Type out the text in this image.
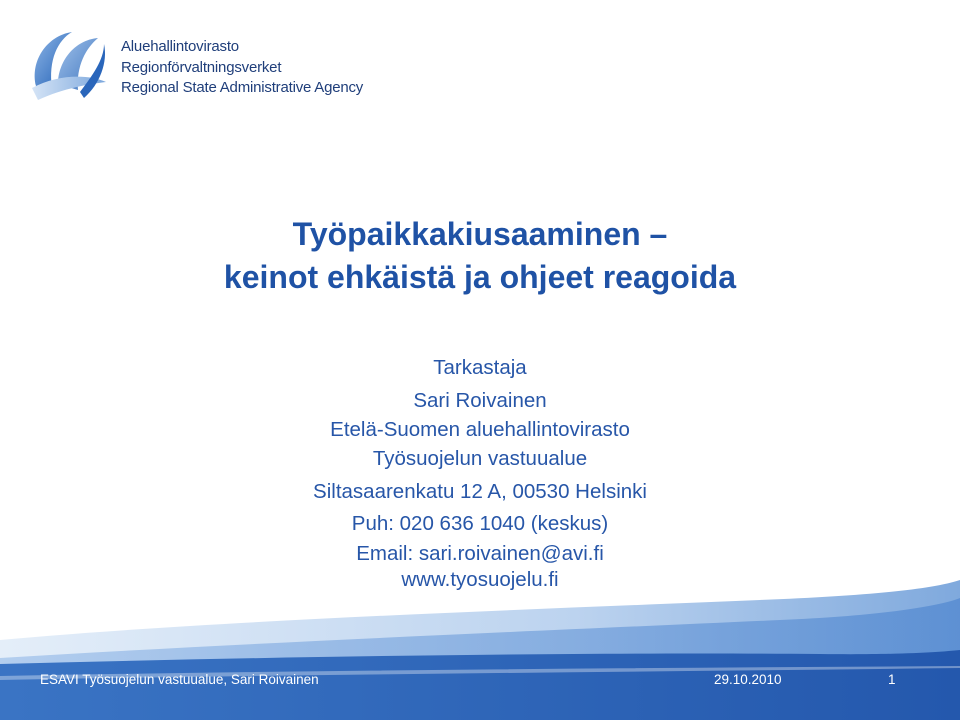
Aluehallintovirasto
Regionförvaltningsverket
Regional State Administrative Agency
Työpaikkakiusaaminen –
keinot ehkäistä ja ohjeet reagoida
Tarkastaja
Sari Roivainen
Etelä-Suomen aluehallintovirasto
Työsuojelun vastuualue
Siltasaarenkatu 12 A, 00530 Helsinki
Puh: 020 636 1040 (keskus)
Email: sari.roivainen@avi.fi
www.tyosuojelu.fi
ESAVI Työsuojelun vastuualue, Sari Roivainen	29.10.2010	1
